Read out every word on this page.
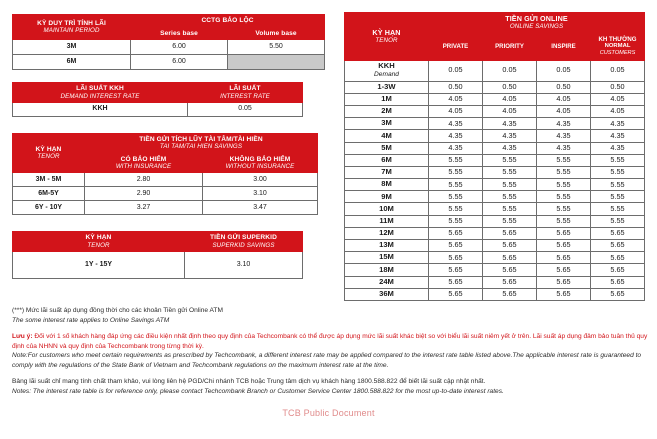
KỲ DUY TRÌ TÍNH LÃI
MAINTAIN PERIOD	CCTG BẢO LỘC	

	Series base	Volume base

3M	6.00	5.50
6M	6.00	
LÃI SUẤT KKH
DEMAND INTEREST RATE	LÃI SUẤT
INTEREST RATE

KKH	0.05
KỲ HẠN
TENOR	TIỀN GỬI TÍCH LŨY TÀI TÂM/TÀI HIỀN
TAI TAM/TAI HIEN SAVINGS	

	CÓ BẢO HIỂM
WITH INSURANCE	KHÔNG BẢO HIỂM
WITHOUT INSURANCE

3M - 5M	2.80	3.00
6M-5Y	2.90	3.10
6Y - 10Y	3.27	3.47
KỲ HẠN
TENOR	TIỀN GỬI SUPERKID
SUPERKID SAVINGS

1Y - 15Y	3.10
KỲ HẠN
TENOR	TIỀN GỬI ONLINE
ONLINE SAVINGS			

	PRIVATE	PRIORITY	INSPIRE	KH THƯỜNG
NORMAL
CUSTOMERS

KKH
Demand	0.05	0.05	0.05	0.05
1-3W	0.50	0.50	0.50	0.50
1M	4.05	4.05	4.05	4.05
2M	4.05	4.05	4.05	4.05
3M	4.35	4.35	4.35	4.35
4M	4.35	4.35	4.35	4.35
5M	4.35	4.35	4.35	4.35
6M	5.55	5.55	5.55	5.55
7M	5.55	5.55	5.55	5.55
8M	5.55	5.55	5.55	5.55
9M	5.55	5.55	5.55	5.55
10M	5.55	5.55	5.55	5.55
11M	5.55	5.55	5.55	5.55
12M	5.65	5.65	5.65	5.65
13M	5.65	5.65	5.65	5.65
15M	5.65	5.65	5.65	5.65
18M	5.65	5.65	5.65	5.65
24M	5.65	5.65	5.65	5.65
36M	5.65	5.65	5.65	5.65
(***) Mức lãi suất áp dụng đồng thời cho các khoản Tiền gửi Online ATM
The some interest rate applies to Online Savings ATM
Lưu ý: Đối với 1 số khách hàng đáp ứng các điều kiện nhất định theo quy định của Techcombank có thể được áp dụng mức lãi suất khác biệt so với biểu lãi suất niêm yết ở trên. Lãi suất áp dụng đảm bảo tuân thủ quy định của NHNN và quy định của Techcombank trong từng thời kỳ.
Note:For customers who meet certain requirements as prescribed by Techcombank, a different interest rate may be applied compared to the interest rate table listed above.The applicable interest rate is guaranteed to comply with the regulations of the State Bank of Vietnam and Techcombank regulations on the maximum interest rate at the time.
Bảng lãi suất chỉ mang tính chất tham khảo, vui lòng liên hệ PGD/Chi nhánh TCB hoặc Trung tâm dịch vụ khách hàng 1800.588.822 để biết lãi suất cập nhật nhất.
Notes: The interest rate table is for reference only, please contact Techcombank Branch or Customer Service Center 1800.588.822 for the most up-to-date interest rates.
TCB Public Document
